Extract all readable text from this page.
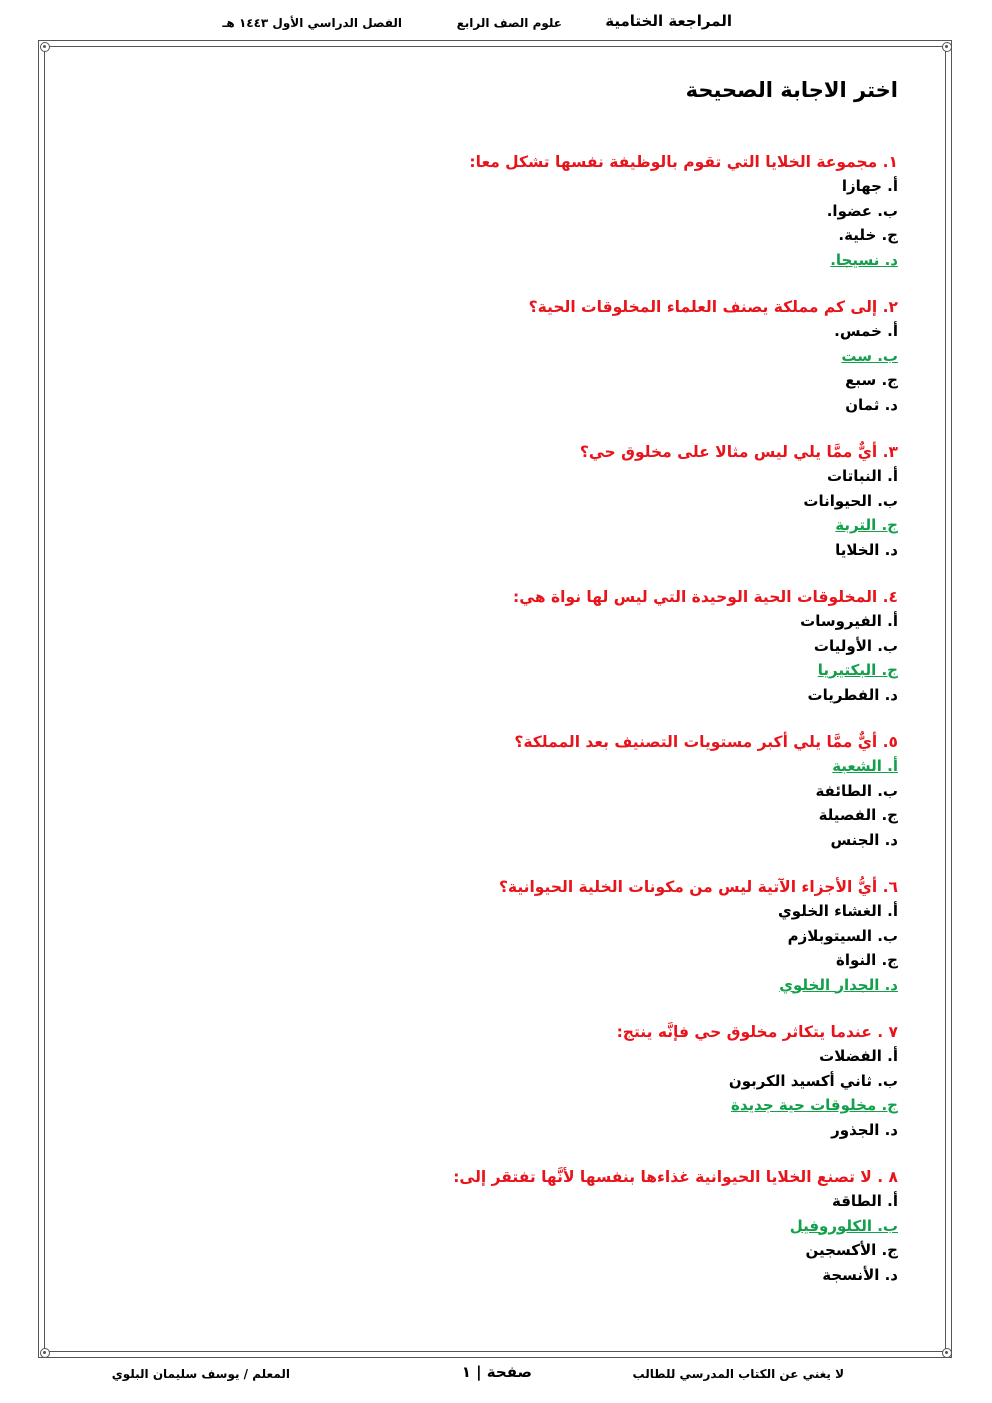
المراجعة الختامية
علوم الصف الرابع
الفصل الدراسي الأول ١٤٤٣ هـ
اختر الاجابة الصحيحة

١. مجموعة الخلايا التي تقوم بالوظيفة نفسها تشكل معا:

أ. جهازا

ب. عضوا.

ج. خلية.

د. نسيجا.

٢. إلى كم مملكة يصنف العلماء المخلوقات الحية؟

أ. خمس.

ب. ست

ج. سبع

د. ثمان

٣. أيٌّ ممَّا يلي ليس مثالا على مخلوق حي؟

أ. النباتات

ب. الحيوانات

ج. التربة

د. الخلايا

٤. المخلوقات الحية الوحيدة التي ليس لها نواة هي:

أ. الفيروسات

ب. الأوليات

ج. البكتيريا

د. الفطريات

٥. أيٌّ ممَّا يلي أكبر مستويات التصنيف بعد المملكة؟

أ. الشعبة

ب. الطائفة

ج. الفصيلة

د. الجنس

٦. أيُّ الأجزاء الآتية ليس من مكونات الخلية الحيوانية؟

أ. الغشاء الخلوي

ب. السيتوبلازم

ج. النواة

د. الجدار الخلوي

٧ . عندما يتكاثر مخلوق حي فإنَّه ينتج:

أ. الفضلات

ب. ثاني أكسيد الكربون

ج. مخلوقات حية جديدة

د. الجذور

٨ . لا تصنع الخلايا الحيوانية غذاءها بنفسها لأنَّها تفتقر إلى:

أ. الطاقة

ب. الكلوروفيل

ج. الأكسجين

د. الأنسجة

لا يغني عن الكتاب المدرسي للطالب
صفحة | ١
المعلم / يوسف سليمان البلوي
